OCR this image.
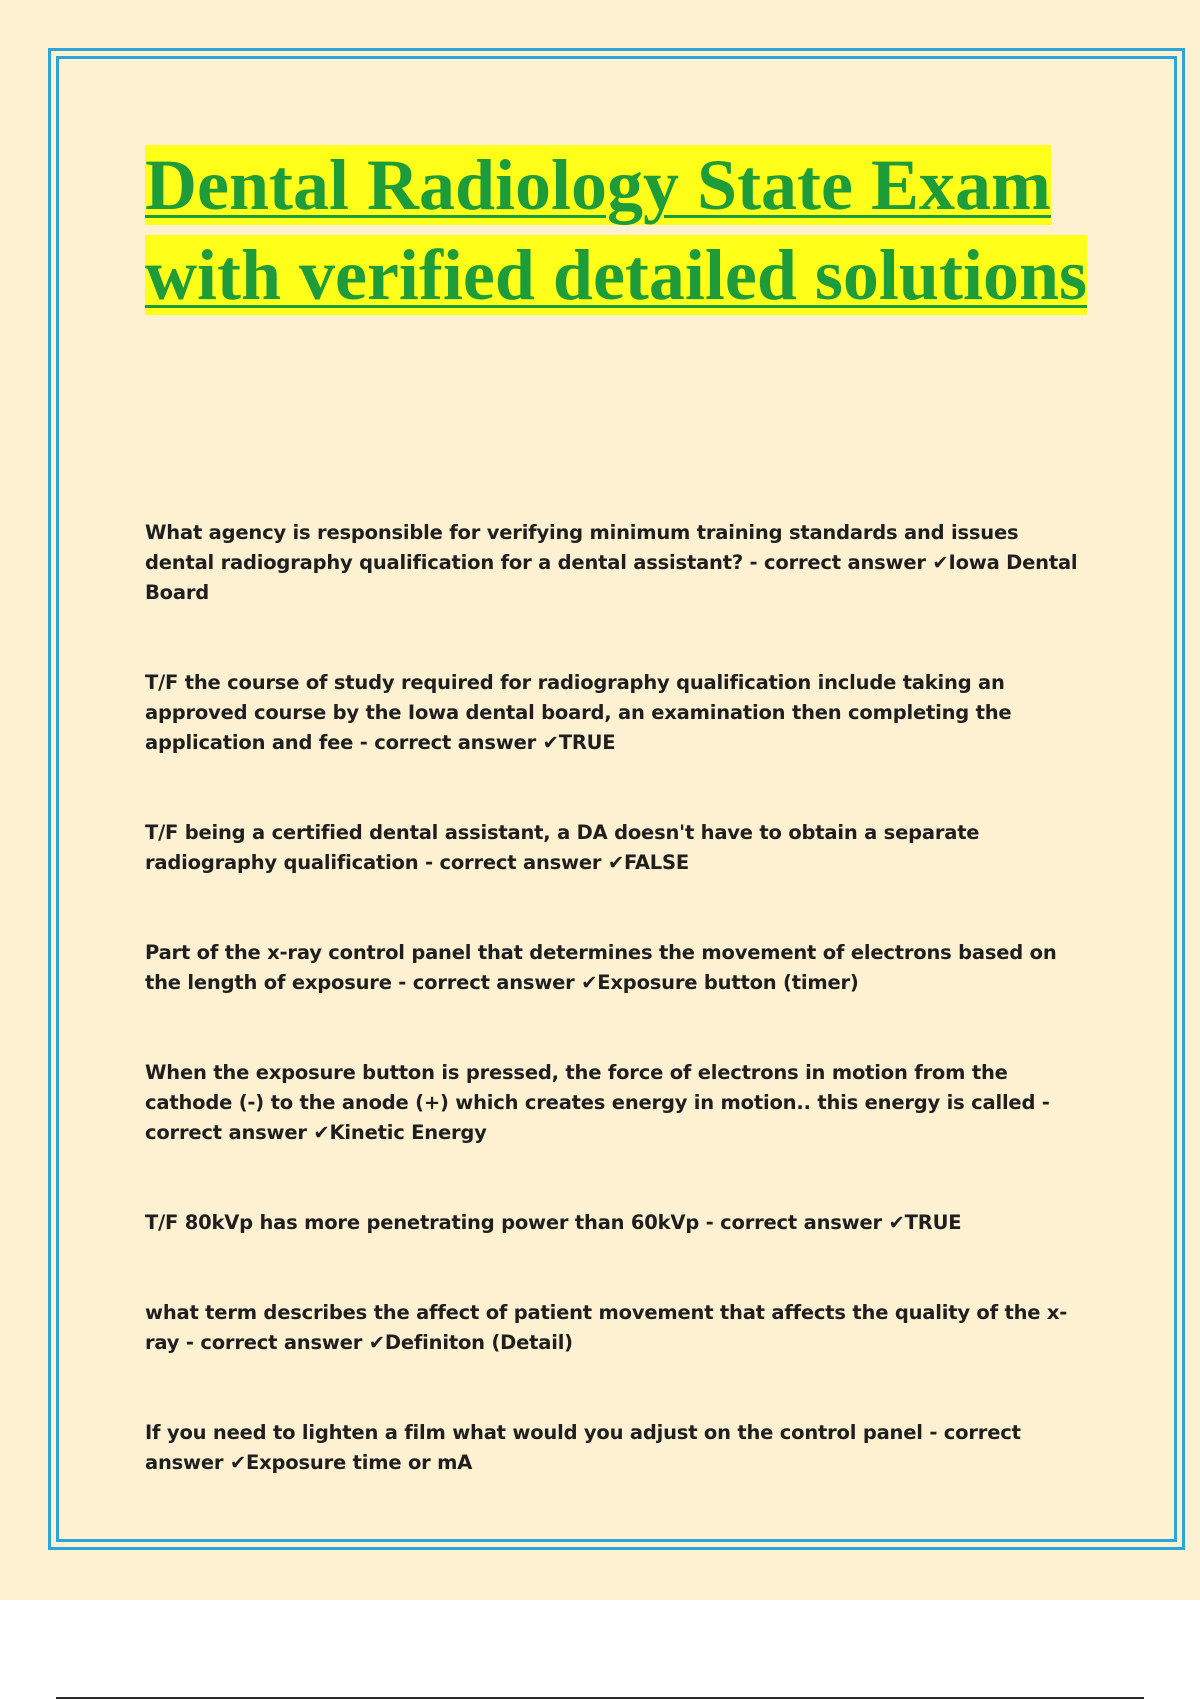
Dental Radiology State Exam with verified detailed solutions
What agency is responsible for verifying minimum training standards and issues dental radiography qualification for a dental assistant? - correct answer ✔Iowa Dental Board
T/F the course of study required for radiography qualification include taking an approved course by the Iowa dental board, an examination then completing the application and fee - correct answer ✔TRUE
T/F being a certified dental assistant, a DA doesn't have to obtain a separate radiography qualification - correct answer ✔FALSE
Part of the x-ray control panel that determines the movement of electrons based on the length of exposure - correct answer ✔Exposure button (timer)
When the exposure button is pressed, the force of electrons in motion from the cathode (-) to the anode (+) which creates energy in motion.. this energy is called - correct answer ✔Kinetic Energy
T/F 80kVp has more penetrating power than 60kVp - correct answer ✔TRUE
what term describes the affect of patient movement that affects the quality of the x-ray - correct answer ✔Definiton (Detail)
If you need to lighten a film what would you adjust on the control panel - correct answer ✔Exposure time or mA
